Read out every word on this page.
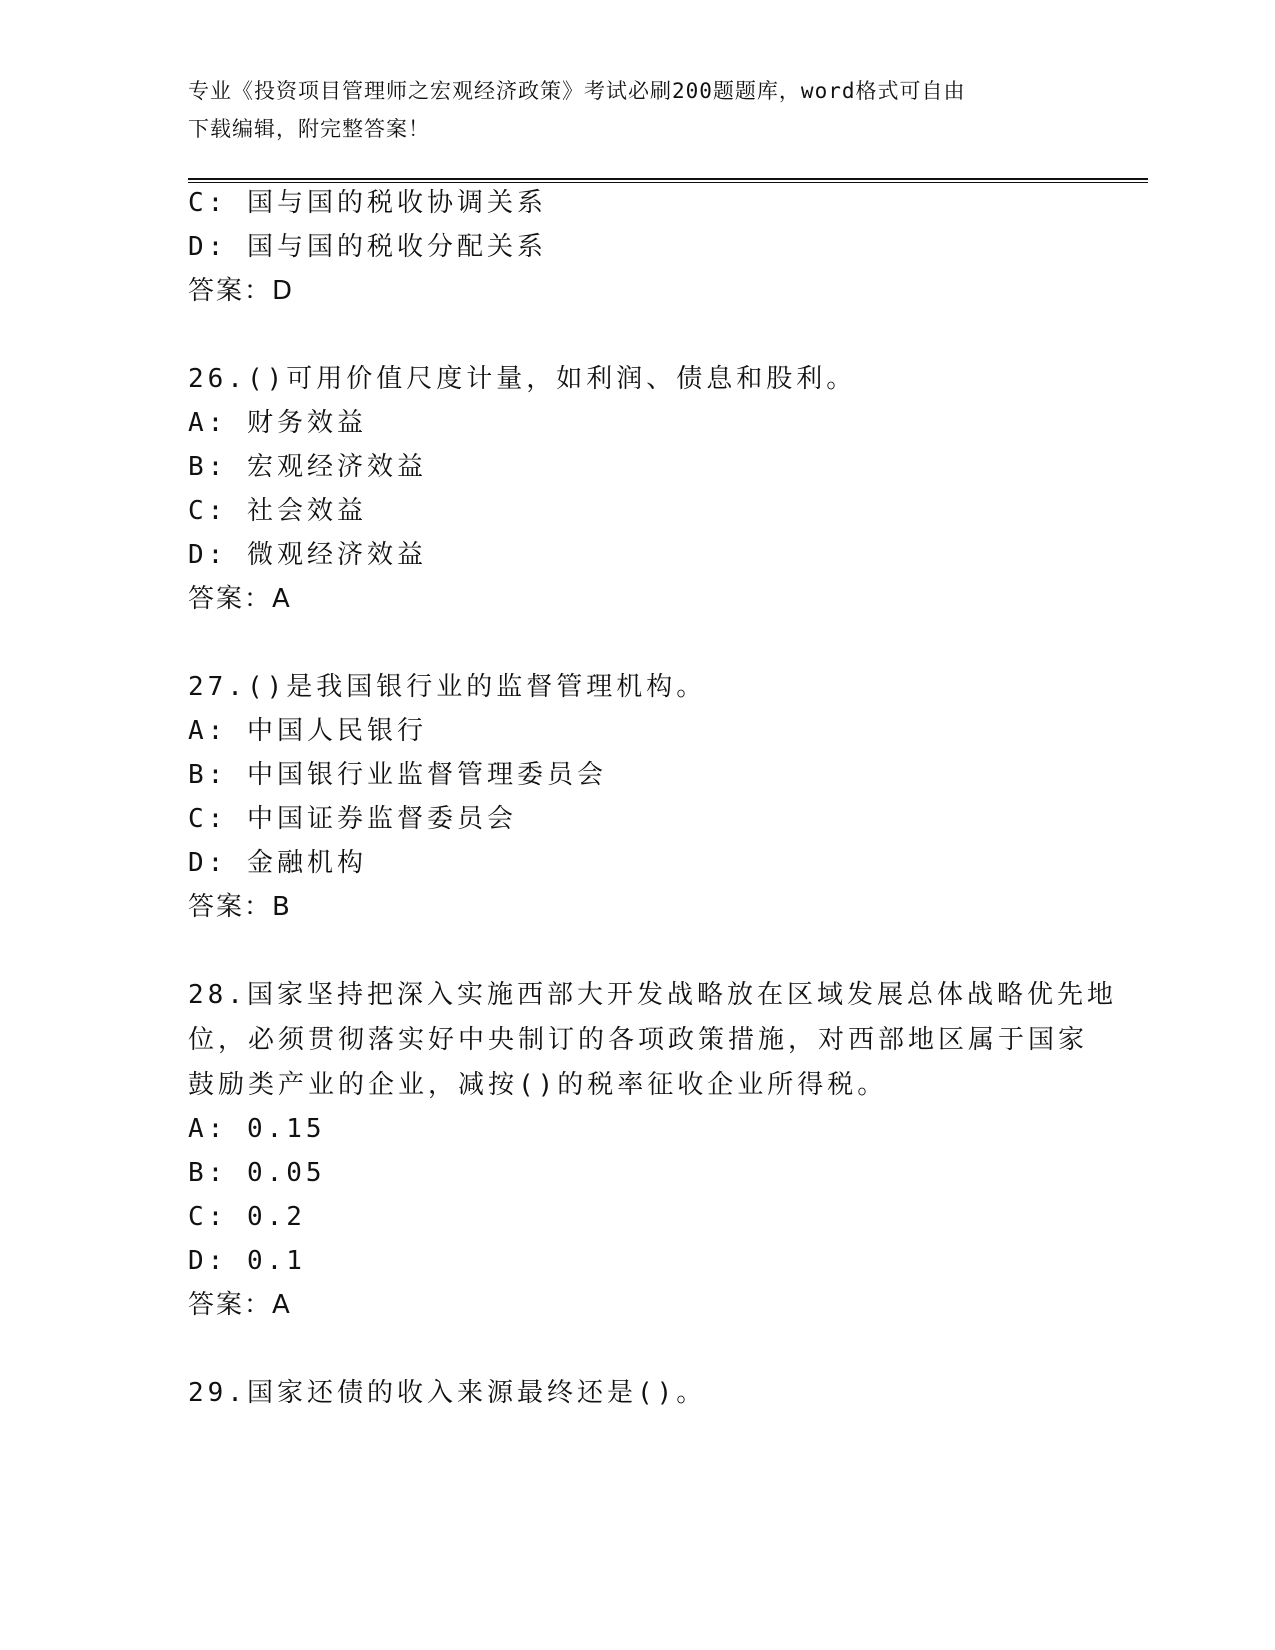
专业《投资项目管理师之宏观经济政策》考试必刷200题题库，word格式可自由
下载编辑，附完整答案！
C: 国与国的税收协调关系
D: 国与国的税收分配关系
答案：D
26.()可用价值尺度计量，如利润、债息和股利。
A: 财务效益
B: 宏观经济效益
C: 社会效益
D: 微观经济效益
答案：A
27.()是我国银行业的监督管理机构。
A: 中国人民银行
B: 中国银行业监督管理委员会
C: 中国证券监督委员会
D: 金融机构
答案：B
28.国家坚持把深入实施西部大开发战略放在区域发展总体战略优先地
位，必须贯彻落实好中央制订的各项政策措施，对西部地区属于国家
鼓励类产业的企业，减按()的税率征收企业所得税。
A: 0.15
B: 0.05
C: 0.2
D: 0.1
答案：A
29.国家还债的收入来源最终还是()。
